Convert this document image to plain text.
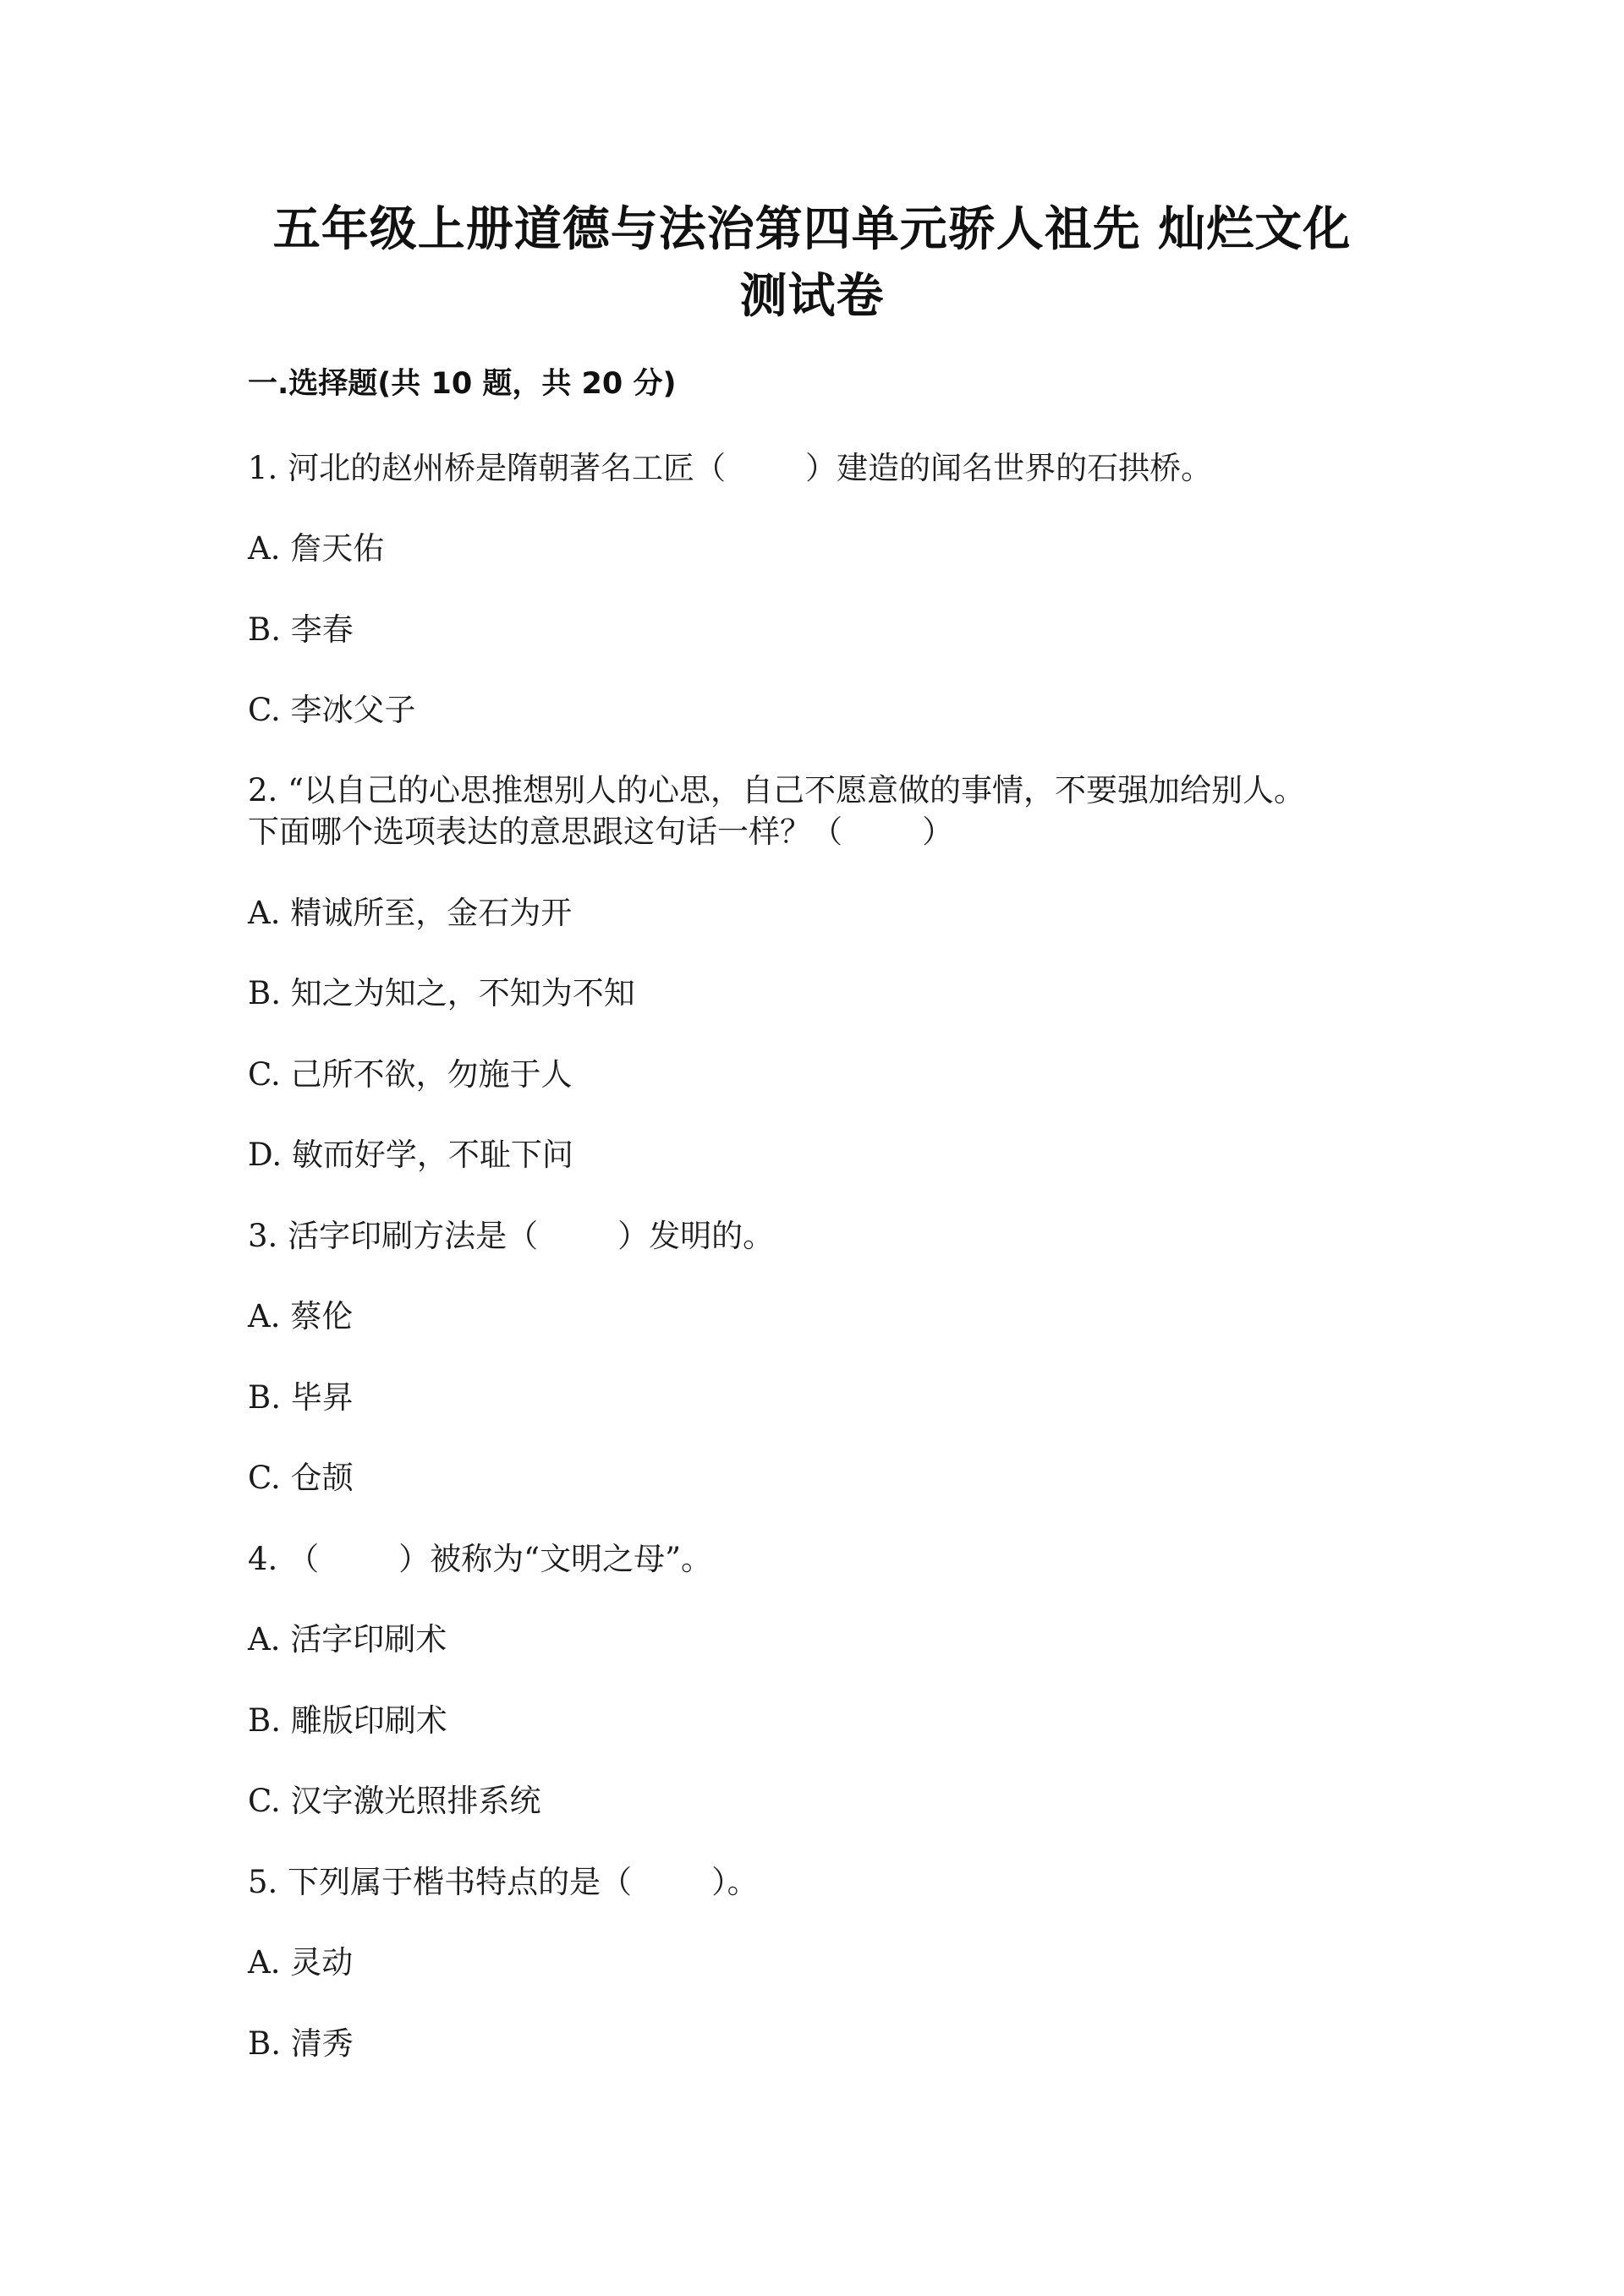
五年级上册道德与法治第四单元骄人祖先 灿烂文化
测试卷
一.选择题(共 10 题，共 20 分)
1. 河北的赵州桥是隋朝著名工匠（        ）建造的闻名世界的石拱桥。
A. 詹天佑
B. 李春
C. 李冰父子
2. “以自己的心思推想别人的心思，自己不愿意做的事情，不要强加给别人。
下面哪个选项表达的意思跟这句话一样？（        ）
A. 精诚所至，金石为开
B. 知之为知之，不知为不知
C. 己所不欲，勿施于人
D. 敏而好学，不耻下问
3. 活字印刷方法是（        ）发明的。
A. 蔡伦
B. 毕昇
C. 仓颉
4. （        ）被称为“文明之母”。
A. 活字印刷术
B. 雕版印刷术
C. 汉字激光照排系统
5. 下列属于楷书特点的是（        ）。
A. 灵动
B. 清秀
